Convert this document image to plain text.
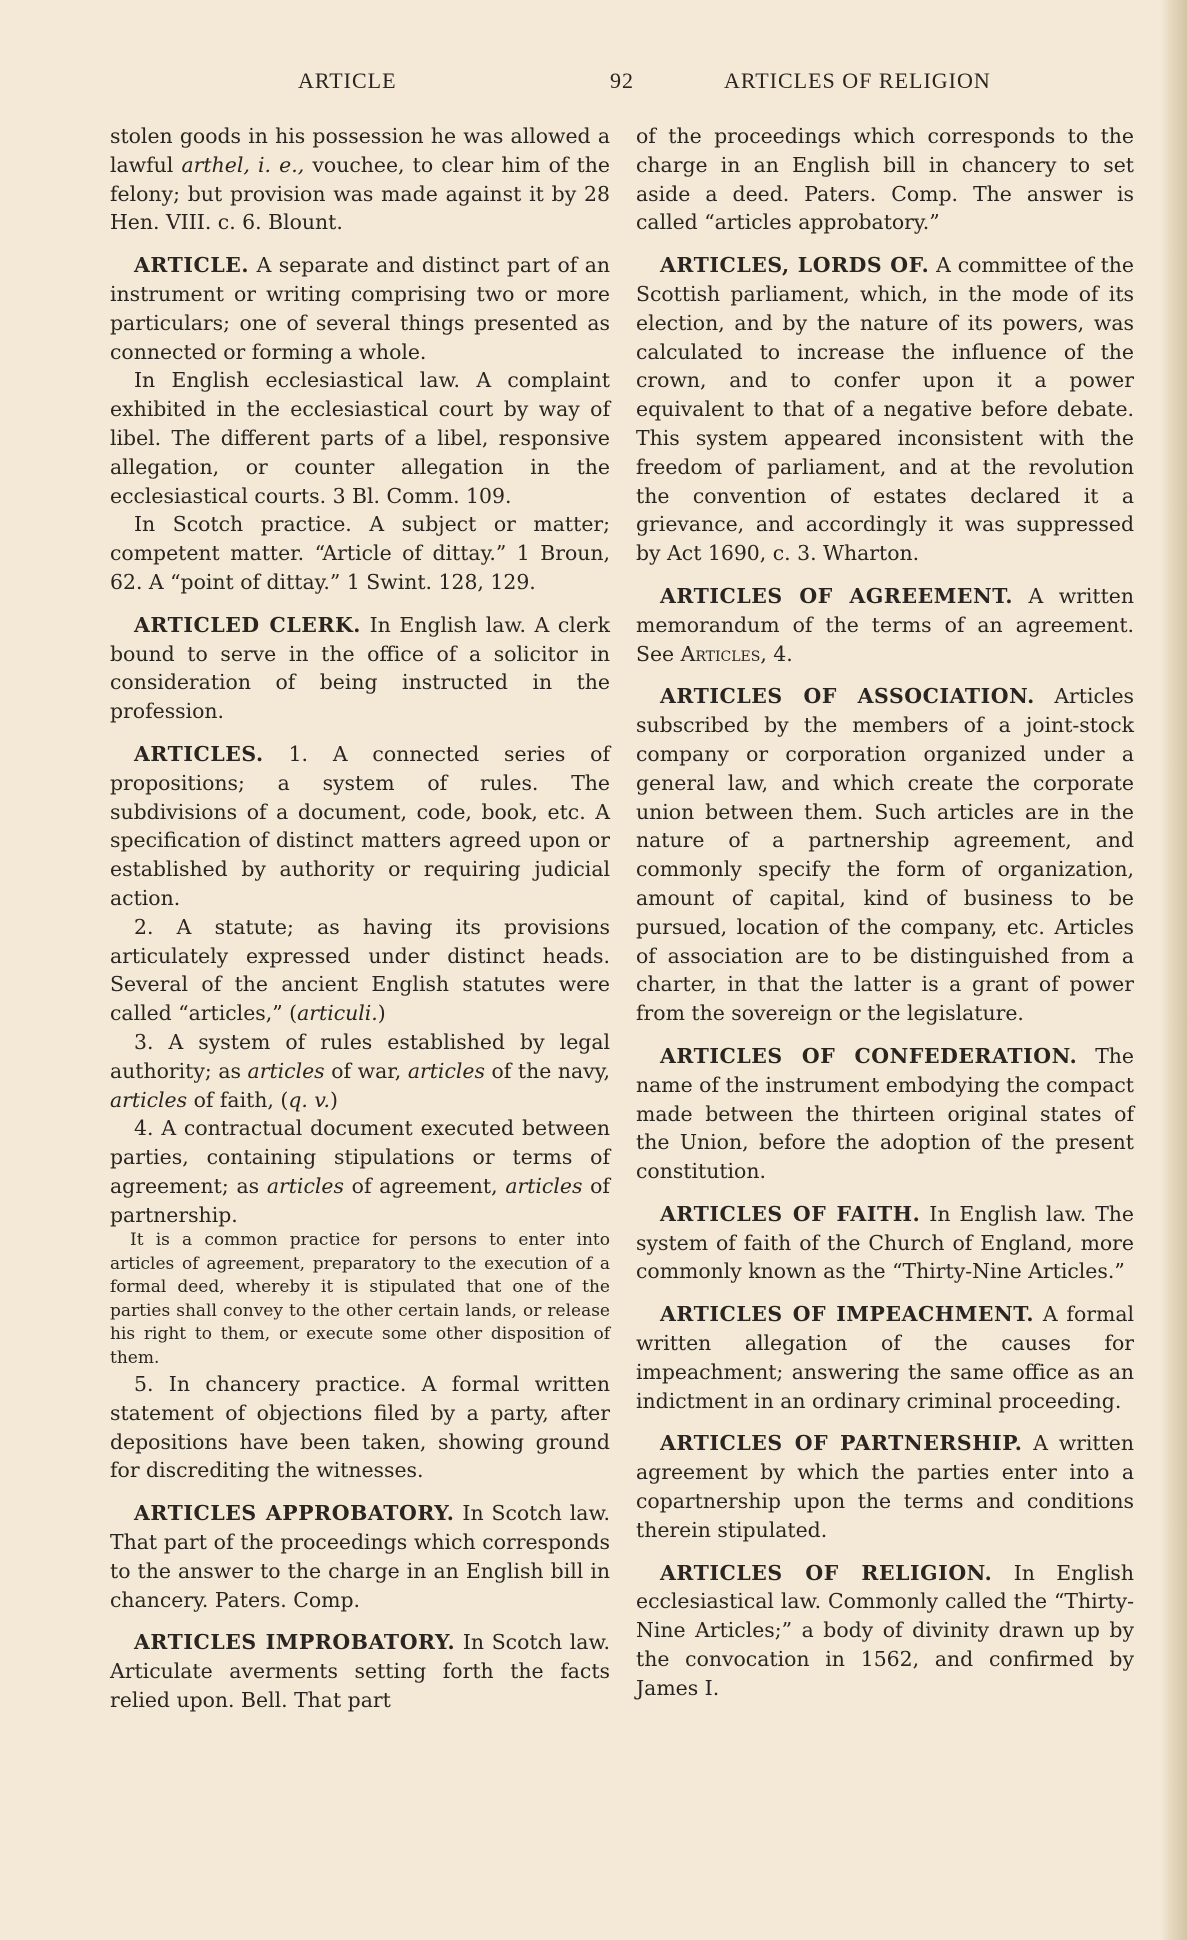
ARTICLE	92	ARTICLES OF RELIGION

stolen goods in his possession he was allowed a lawful arthel, i. e., vouchee, to clear him of the felony; but provision was made against it by 28 Hen. VIII. c. 6. Blount.

ARTICLE. A separate and distinct part of an instrument or writing comprising two or more particulars; one of several things presented as connected or forming a whole.

In English ecclesiastical law. A complaint exhibited in the ecclesiastical court by way of libel. The different parts of a libel, responsive allegation, or counter allegation in the ecclesiastical courts. 3 Bl. Comm. 109.

In Scotch practice. A subject or matter; competent matter. “Article of dittay.” 1 Broun, 62. A “point of dittay.” 1 Swint. 128, 129.

ARTICLED CLERK. In English law. A clerk bound to serve in the office of a solicitor in consideration of being instructed in the profession.

ARTICLES. 1. A connected series of propositions; a system of rules. The subdivisions of a document, code, book, etc. A specification of distinct matters agreed upon or established by authority or requiring judicial action.

2. A statute; as having its provisions articulately expressed under distinct heads. Several of the ancient English statutes were called “articles,” (articuli.)

3. A system of rules established by legal authority; as articles of war, articles of the navy, articles of faith, (q. v.)

4. A contractual document executed between parties, containing stipulations or terms of agreement; as articles of agreement, articles of partnership.

It is a common practice for persons to enter into articles of agreement, preparatory to the execution of a formal deed, whereby it is stipulated that one of the parties shall convey to the other certain lands, or release his right to them, or execute some other disposition of them.

5. In chancery practice. A formal written statement of objections filed by a party, after depositions have been taken, showing ground for discrediting the witnesses.

ARTICLES APPROBATORY. In Scotch law. That part of the proceedings which corresponds to the answer to the charge in an English bill in chancery. Paters. Comp.

ARTICLES IMPROBATORY. In Scotch law. Articulate averments setting forth the facts relied upon. Bell. That part

of the proceedings which corresponds to the charge in an English bill in chancery to set aside a deed. Paters. Comp. The answer is called “articles approbatory.”

ARTICLES, LORDS OF. A committee of the Scottish parliament, which, in the mode of its election, and by the nature of its powers, was calculated to increase the influence of the crown, and to confer upon it a power equivalent to that of a negative before debate. This system appeared inconsistent with the freedom of parliament, and at the revolution the convention of estates declared it a grievance, and accordingly it was suppressed by Act 1690, c. 3. Wharton.

ARTICLES OF AGREEMENT. A written memorandum of the terms of an agreement. See Articles, 4.

ARTICLES OF ASSOCIATION. Articles subscribed by the members of a joint-stock company or corporation organized under a general law, and which create the corporate union between them. Such articles are in the nature of a partnership agreement, and commonly specify the form of organization, amount of capital, kind of business to be pursued, location of the company, etc. Articles of association are to be distinguished from a charter, in that the latter is a grant of power from the sovereign or the legislature.

ARTICLES OF CONFEDERATION. The name of the instrument embodying the compact made between the thirteen original states of the Union, before the adoption of the present constitution.

ARTICLES OF FAITH. In English law. The system of faith of the Church of England, more commonly known as the “Thirty-Nine Articles.”

ARTICLES OF IMPEACHMENT. A formal written allegation of the causes for impeachment; answering the same office as an indictment in an ordinary criminal proceeding.

ARTICLES OF PARTNERSHIP. A written agreement by which the parties enter into a copartnership upon the terms and conditions therein stipulated.

ARTICLES OF RELIGION. In English ecclesiastical law. Commonly called the “Thirty-Nine Articles;” a body of divinity drawn up by the convocation in 1562, and confirmed by James I.
